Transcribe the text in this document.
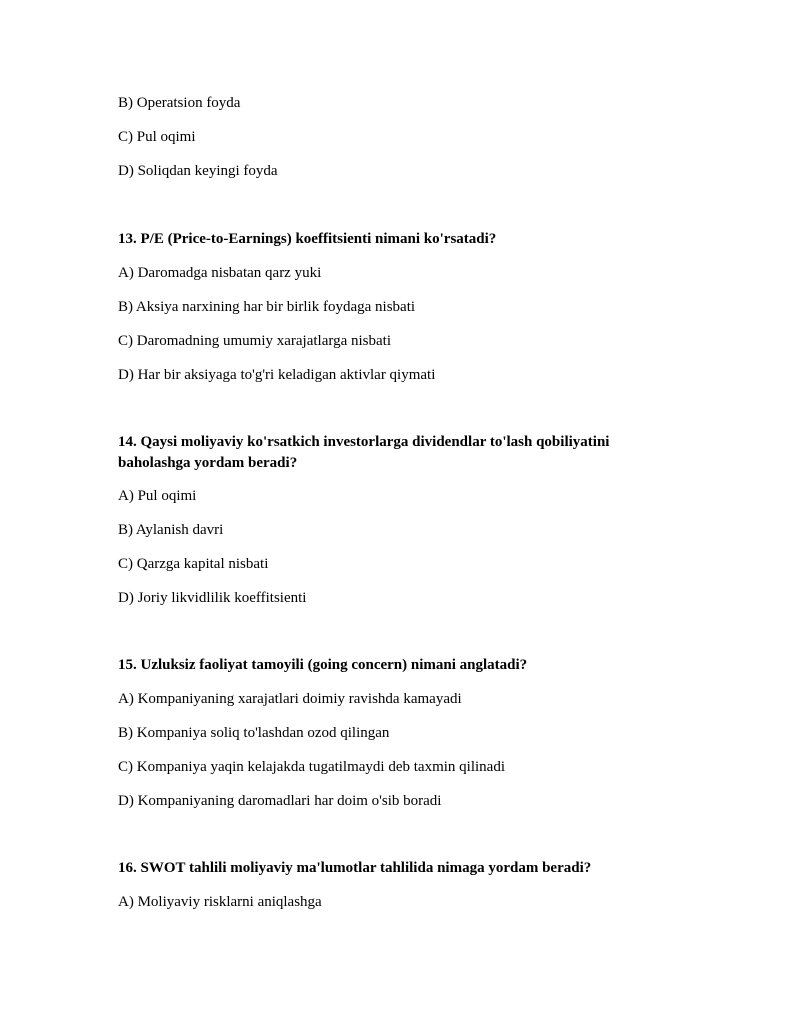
B) Operatsion foyda
C) Pul oqimi
D) Soliqdan keyingi foyda
13. P/E (Price-to-Earnings) koeffitsienti nimani ko'rsatadi?
A) Daromadga nisbatan qarz yuki
B) Aksiya narxining har bir birlik foydaga nisbati
C) Daromadning umumiy xarajatlarga nisbati
D) Har bir aksiyaga to'g'ri keladigan aktivlar qiymati
14. Qaysi moliyaviy ko'rsatkich investorlarga dividendlar to'lash qobiliyatini
baholashga yordam beradi?
A) Pul oqimi
B) Aylanish davri
C) Qarzga kapital nisbati
D) Joriy likvidlilik koeffitsienti
15. Uzluksiz faoliyat tamoyili (going concern) nimani anglatadi?
A) Kompaniyaning xarajatlari doimiy ravishda kamayadi
B) Kompaniya soliq to'lashdan ozod qilingan
C) Kompaniya yaqin kelajakda tugatilmaydi deb taxmin qilinadi
D) Kompaniyaning daromadlari har doim o'sib boradi
16. SWOT tahlili moliyaviy ma'lumotlar tahlilida nimaga yordam beradi?
A) Moliyaviy risklarni aniqlashga
